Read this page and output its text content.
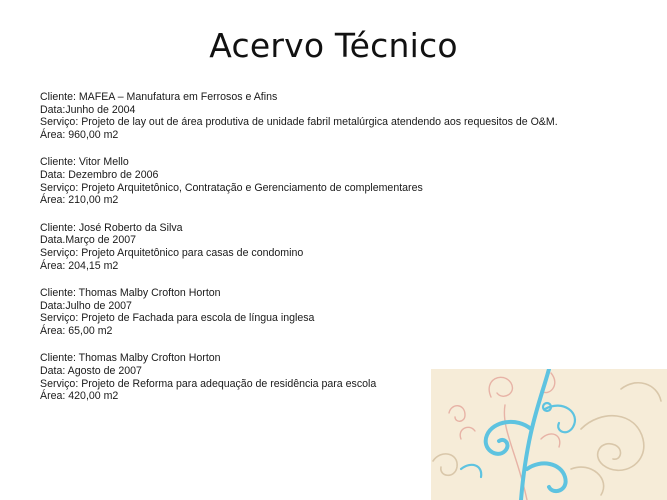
Acervo Técnico
Cliente: MAFEA – Manufatura em Ferrosos e Afins
Data:Junho de 2004
Serviço: Projeto de lay out de área produtiva de unidade fabril metalúrgica atendendo aos requesitos de O&M.
Área: 960,00 m2
Cliente: Vitor Mello
Data: Dezembro de 2006
Serviço: Projeto Arquitetônico, Contratação e Gerenciamento de complementares
Área: 210,00 m2
Cliente: José Roberto da Silva
Data.Março de 2007
Serviço: Projeto Arquitetônico para casas de condomino
Área: 204,15 m2
Cliente: Thomas Malby Crofton Horton
Data:Julho de 2007
Serviço: Projeto de Fachada para escola de língua inglesa
Área: 65,00 m2
Cliente: Thomas Malby Crofton Horton
Data: Agosto de 2007
Serviço: Projeto de Reforma para adequação de residência para escola
Área: 420,00 m2
